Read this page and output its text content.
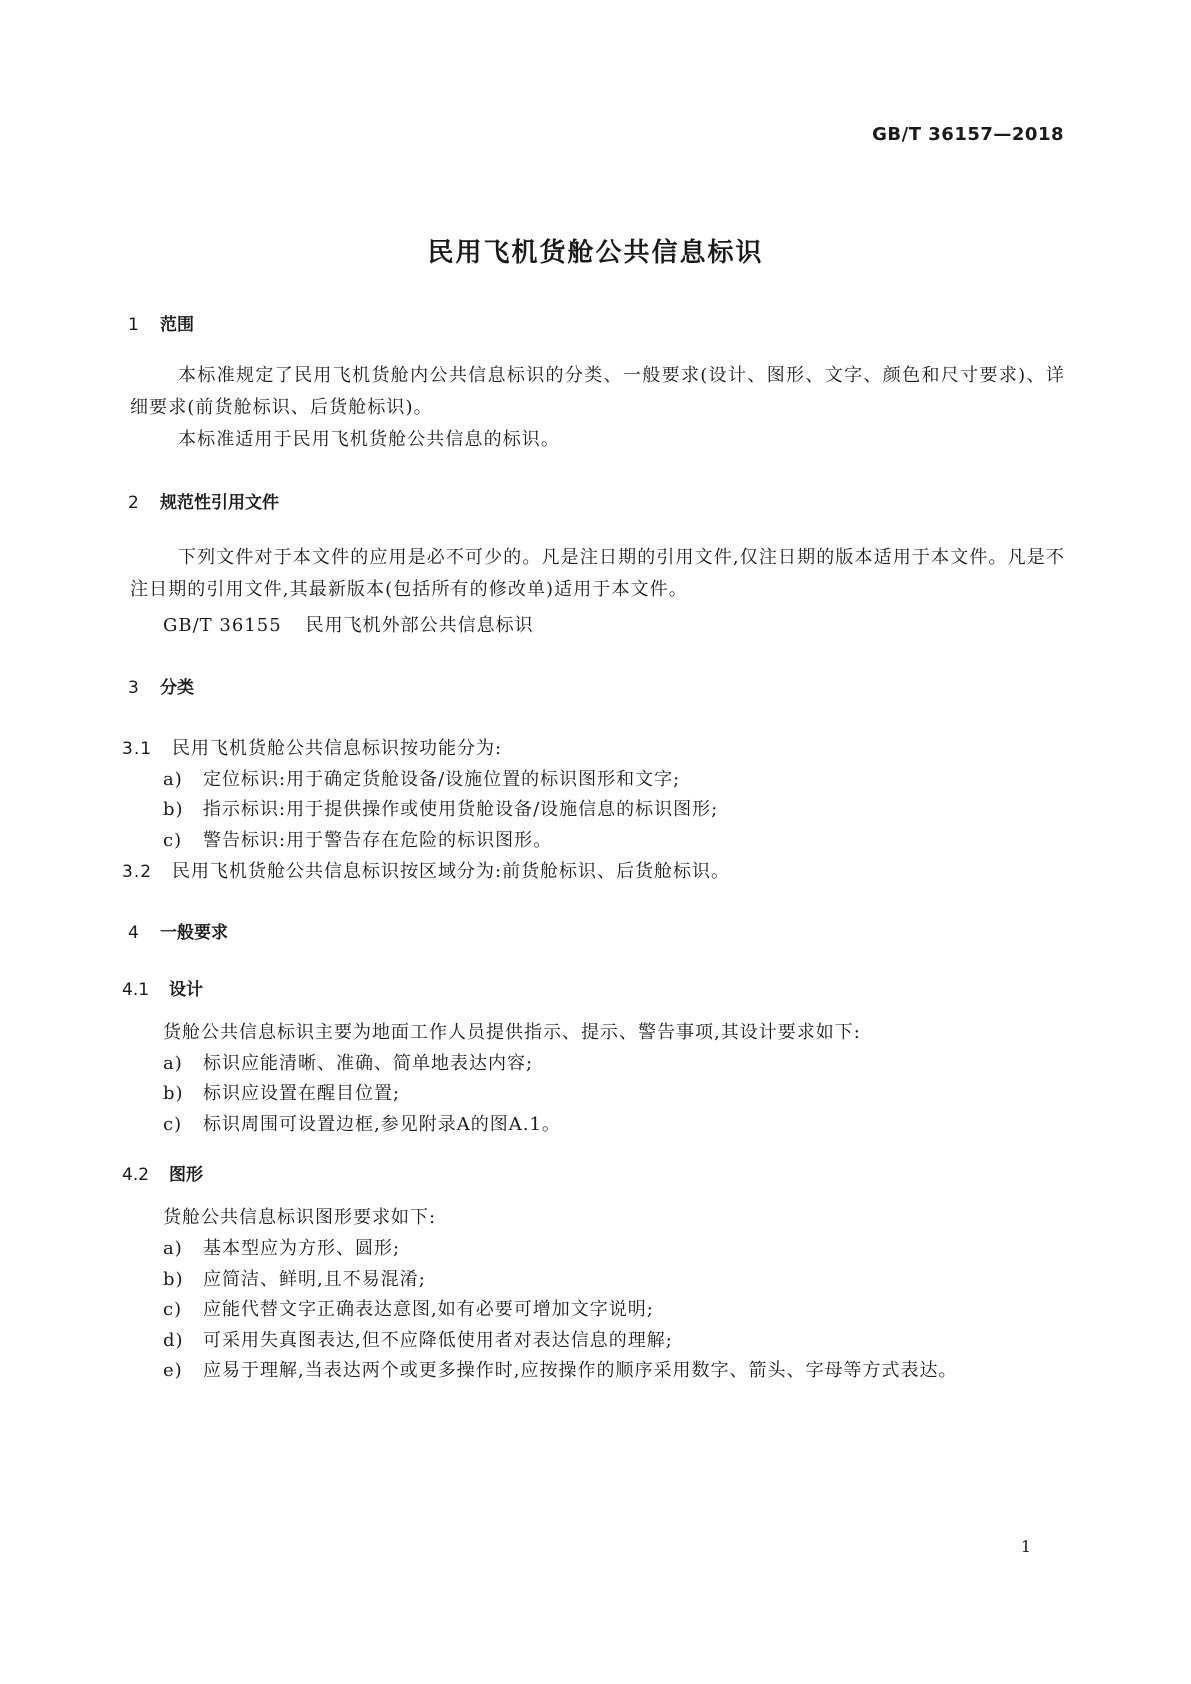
GB/T 36157—2018
民用飞机货舱公共信息标识
1 范围
本标准规定了民用飞机货舱内公共信息标识的分类、一般要求(设计、图形、文字、颜色和尺寸要求)、详细要求(前货舱标识、后货舱标识)。
本标准适用于民用飞机货舱公共信息的标识。
2 规范性引用文件
下列文件对于本文件的应用是必不可少的。凡是注日期的引用文件,仅注日期的版本适用于本文件。凡是不注日期的引用文件,其最新版本(包括所有的修改单)适用于本文件。
GB/T 36155 民用飞机外部公共信息标识
3 分类
3.1 民用飞机货舱公共信息标识按功能分为:
a) 定位标识:用于确定货舱设备/设施位置的标识图形和文字;
b) 指示标识:用于提供操作或使用货舱设备/设施信息的标识图形;
c) 警告标识:用于警告存在危险的标识图形。
3.2 民用飞机货舱公共信息标识按区域分为:前货舱标识、后货舱标识。
4 一般要求
4.1 设计
货舱公共信息标识主要为地面工作人员提供指示、提示、警告事项,其设计要求如下:
a) 标识应能清晰、准确、简单地表达内容;
b) 标识应设置在醒目位置;
c) 标识周围可设置边框,参见附录A的图A.1。
4.2 图形
货舱公共信息标识图形要求如下:
a) 基本型应为方形、圆形;
b) 应简洁、鲜明,且不易混淆;
c) 应能代替文字正确表达意图,如有必要可增加文字说明;
d) 可采用失真图表达,但不应降低使用者对表达信息的理解;
e) 应易于理解,当表达两个或更多操作时,应按操作的顺序采用数字、箭头、字母等方式表达。
1
